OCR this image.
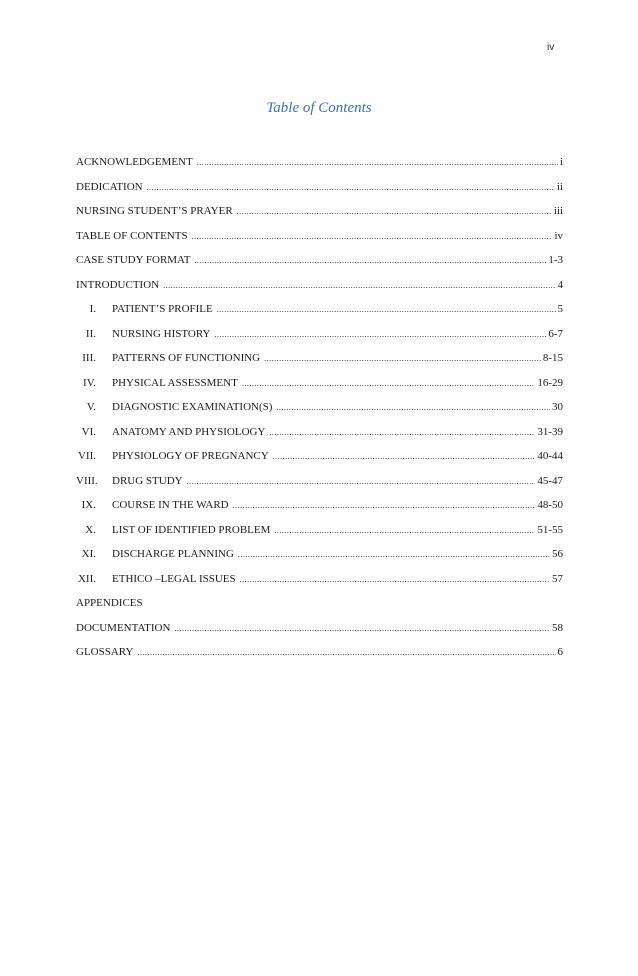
iv
Table of Contents
ACKNOWLEDGEMENT .....	i
DEDICATION .....	ii
NURSING STUDENT’S PRAYER .....	iii
TABLE OF CONTENTS .....	iv
CASE STUDY FORMAT .....	1-3
INTRODUCTION .....	4
I. PATIENT’S PROFILE .....	5
II. NURSING HISTORY .....	6-7
III. PATTERNS OF FUNCTIONING .....	8-15
IV. PHYSICAL ASSESSMENT .....	16-29
V. DIAGNOSTIC EXAMINATION(S) .....	30
VI. ANATOMY AND PHYSIOLOGY .....	31-39
VII. PHYSIOLOGY OF PREGNANCY .....	40-44
VIII. DRUG STUDY .....	45-47
IX. COURSE IN THE WARD .....	48-50
X. LIST OF IDENTIFIED PROBLEM .....	51-55
XI. DISCHARGE PLANNING .....	56
XII. ETHICO –LEGAL ISSUES .....	57
APPENDICES
DOCUMENTATION .....	58
GLOSSARY .....	6
